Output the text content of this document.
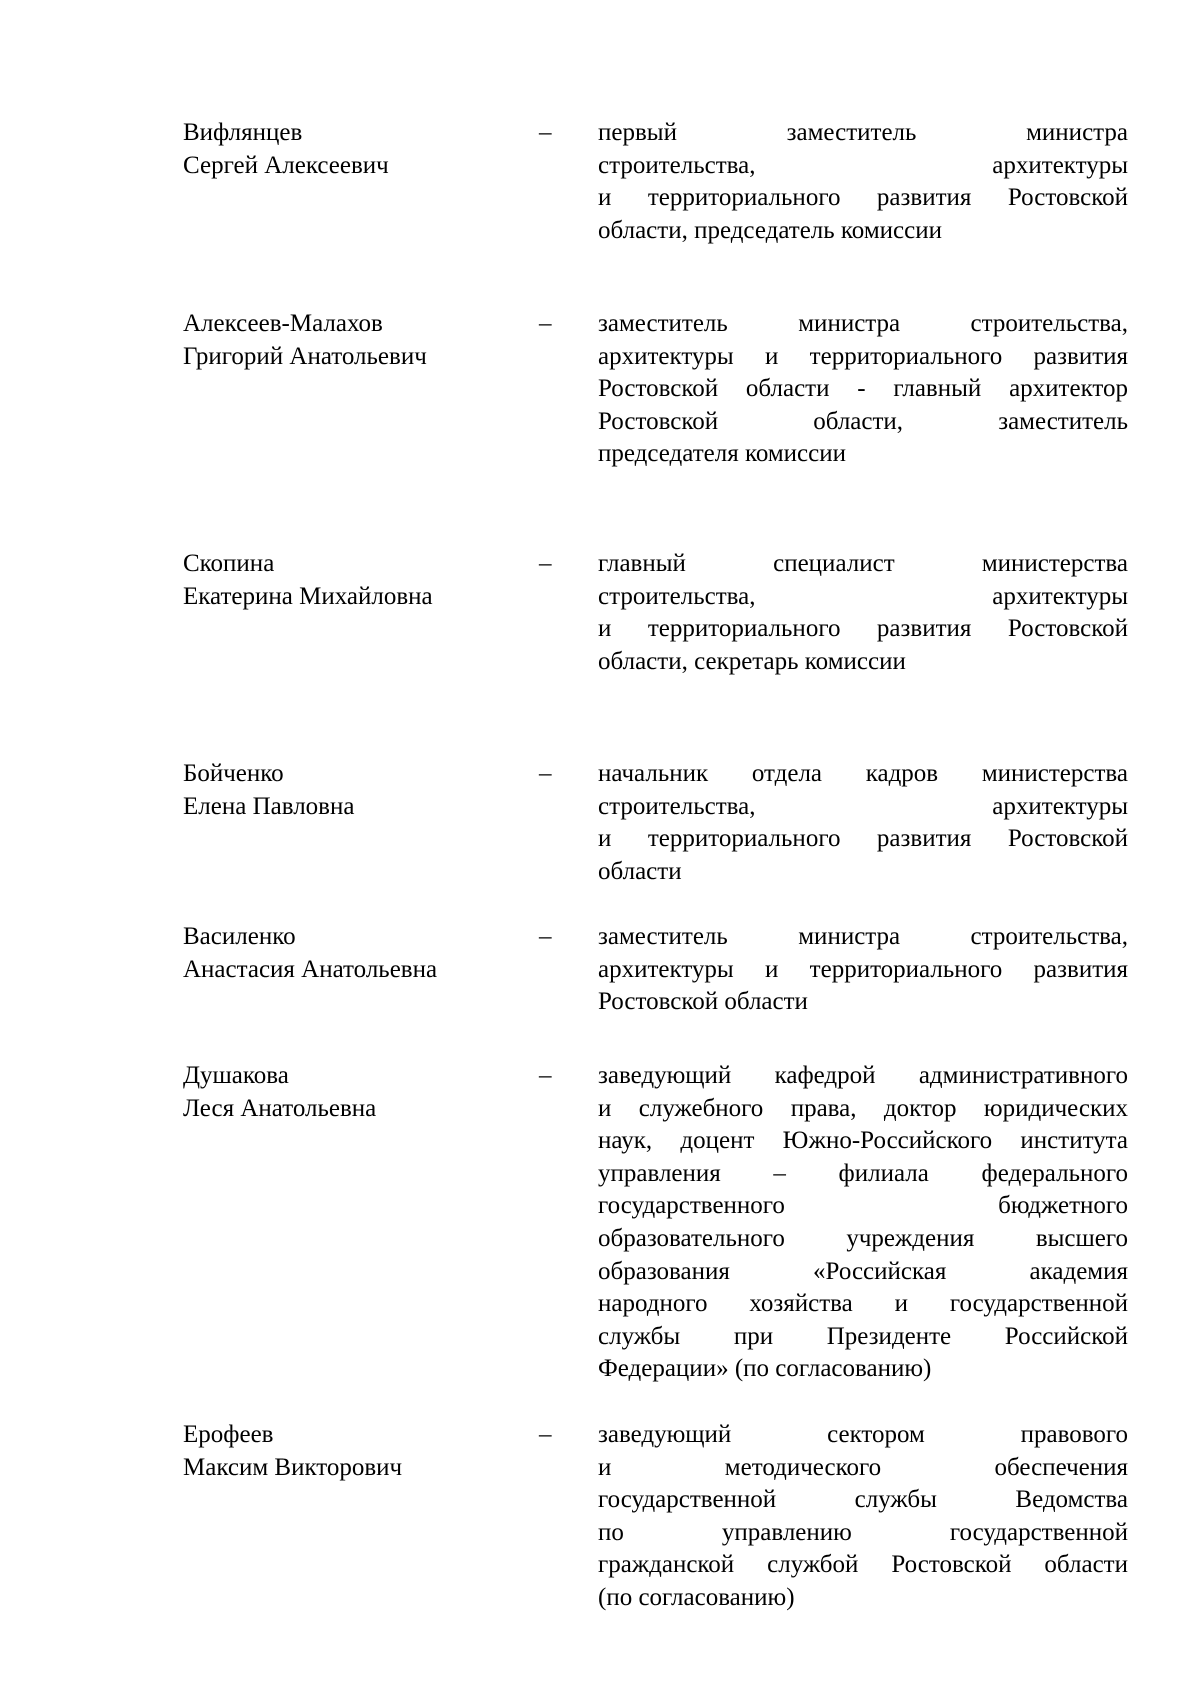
Вифлянцев
Сергей Алексеевич
– первый заместитель министра
строительства, архитектуры
и территориального развития Ростовской
области, председатель комиссии
Алексеев-Малахов
Григорий Анатольевич
– заместитель министра строительства,
архитектуры и территориального развития
Ростовской области - главный архитектор
Ростовской области, заместитель
председателя комиссии
Скопина
Екатерина Михайловна
– главный специалист министерства
строительства, архитектуры
и территориального развития Ростовской
области, секретарь комиссии
Бойченко
Елена Павловна
– начальник отдела кадров министерства
строительства, архитектуры
и территориального развития Ростовской
области
Василенко
Анастасия Анатольевна
– заместитель министра строительства,
архитектуры и территориального развития
Ростовской области
Душакова
Леся Анатольевна
– заведующий кафедрой административного
и служебного права, доктор юридических
наук, доцент Южно-Российского института
управления – филиала федерального
государственного бюджетного
образовательного учреждения высшего
образования «Российская академия
народного хозяйства и государственной
службы при Президенте Российской
Федерации» (по согласованию)
Ерофеев
Максим Викторович
– заведующий сектором правового
и методического обеспечения
государственной службы Ведомства
по управлению государственной
гражданской службой Ростовской области
(по согласованию)
